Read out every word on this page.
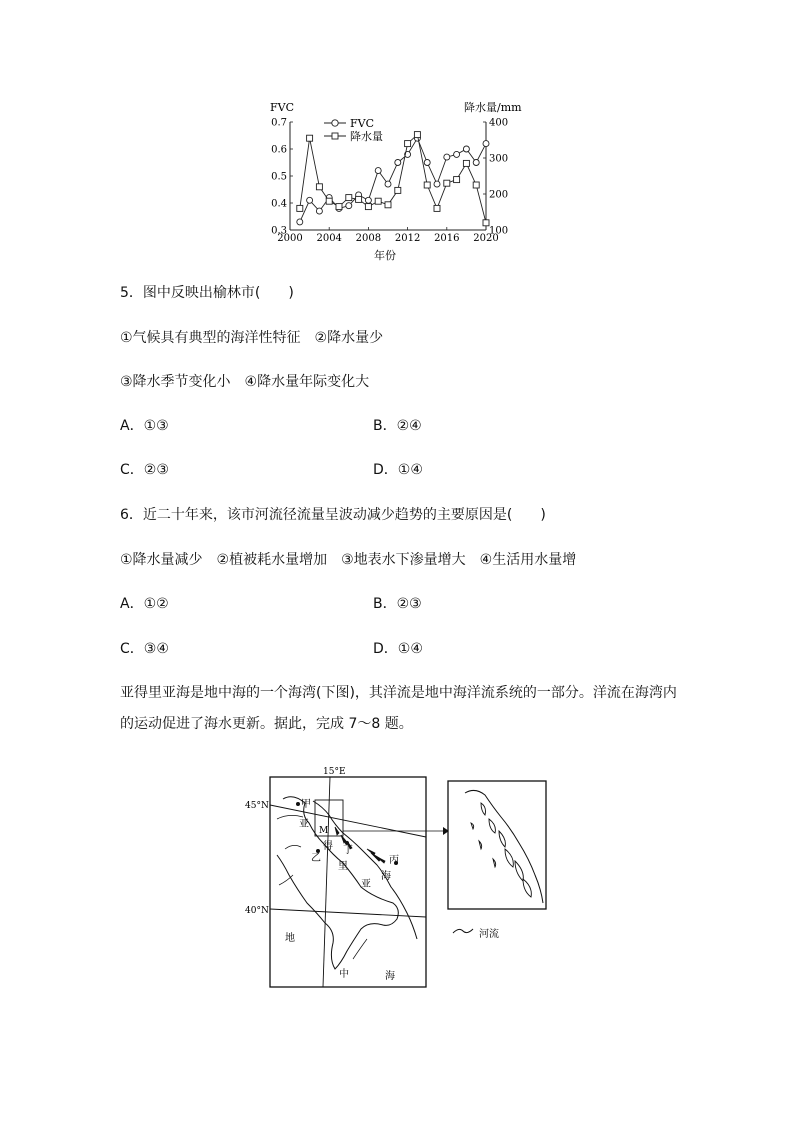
FVC	降水量/mm
年份
FVC
降水量
2000 2004 2008 2012 2016 2020
0.3
0.4
0.5
0.6
0.7
100
200
300
400
5．图中反映出榆林市(　　)
①气候具有典型的海洋性特征　②降水量少
③降水季节变化小　④降水量年际变化大
A．①③	B．②④
C．②③	D．①④
6．近二十年来，该市河流径流量呈波动减少趋势的主要原因是(　　)
①降水量减少　②植被耗水量增加　③地表水下渗量增大　④生活用水量增
A．①②	B．②③
C．③④	D．①④
亚得里亚海是地中海的一个海湾(下图)，其洋流是地中海洋流系统的一部分。洋流在海湾内
的运动促进了海水更新。据此，完成 7～8 题。
15°E
45°N
40°N
甲
亚
M
得 丁
里
亚
丙
海
乙
地
中	海
河流
